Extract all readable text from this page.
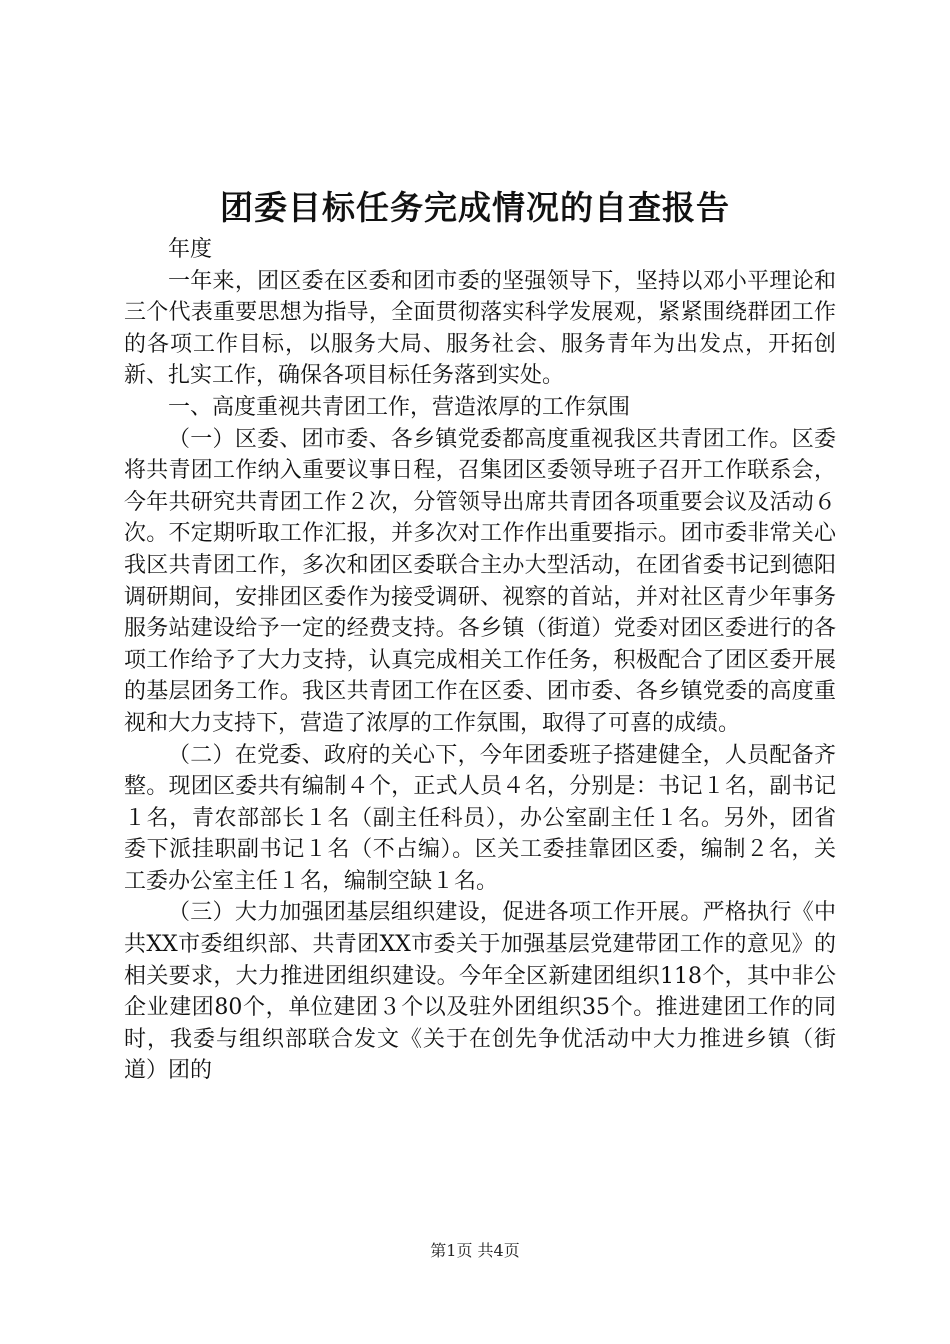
团委目标任务完成情况的自查报告

年度

一年来，团区委在区委和团市委的坚强领导下，坚持以邓小平理论和三个代表重要思想为指导，全面贯彻落实科学发展观，紧紧围绕群团工作的各项工作目标，以服务大局、服务社会、服务青年为出发点，开拓创新、扎实工作，确保各项目标任务落到实处。

一、高度重视共青团工作，营造浓厚的工作氛围

（一）区委、团市委、各乡镇党委都高度重视我区共青团工作。区委将共青团工作纳入重要议事日程，召集团区委领导班子召开工作联系会，今年共研究共青团工作２次，分管领导出席共青团各项重要会议及活动６次。不定期听取工作汇报，并多次对工作作出重要指示。团市委非常关心我区共青团工作，多次和团区委联合主办大型活动，在团省委书记到德阳调研期间，安排团区委作为接受调研、视察的首站，并对社区青少年事务服务站建设给予一定的经费支持。各乡镇（街道）党委对团区委进行的各项工作给予了大力支持，认真完成相关工作任务，积极配合了团区委开展的基层团务工作。我区共青团工作在区委、团市委、各乡镇党委的高度重视和大力支持下，营造了浓厚的工作氛围，取得了可喜的成绩。

（二）在党委、政府的关心下，今年团委班子搭建健全，人员配备齐整。现团区委共有编制４个，正式人员４名，分别是：书记１名，副书记１名，青农部部长１名（副主任科员），办公室副主任１名。另外，团省委下派挂职副书记１名（不占编）。区关工委挂靠团区委，编制２名，关工委办公室主任１名，编制空缺１名。

（三）大力加强团基层组织建设，促进各项工作开展。严格执行《中共XX市委组织部、共青团XX市委关于加强基层党建带团工作的意见》的相关要求，大力推进团组织建设。今年全区新建团组织118个，其中非公企业建团80个，单位建团３个以及驻外团组织35个。推进建团工作的同时，我委与组织部联合发文《关于在创先争优活动中大力推进乡镇（街道）团的

第1页 共4页
